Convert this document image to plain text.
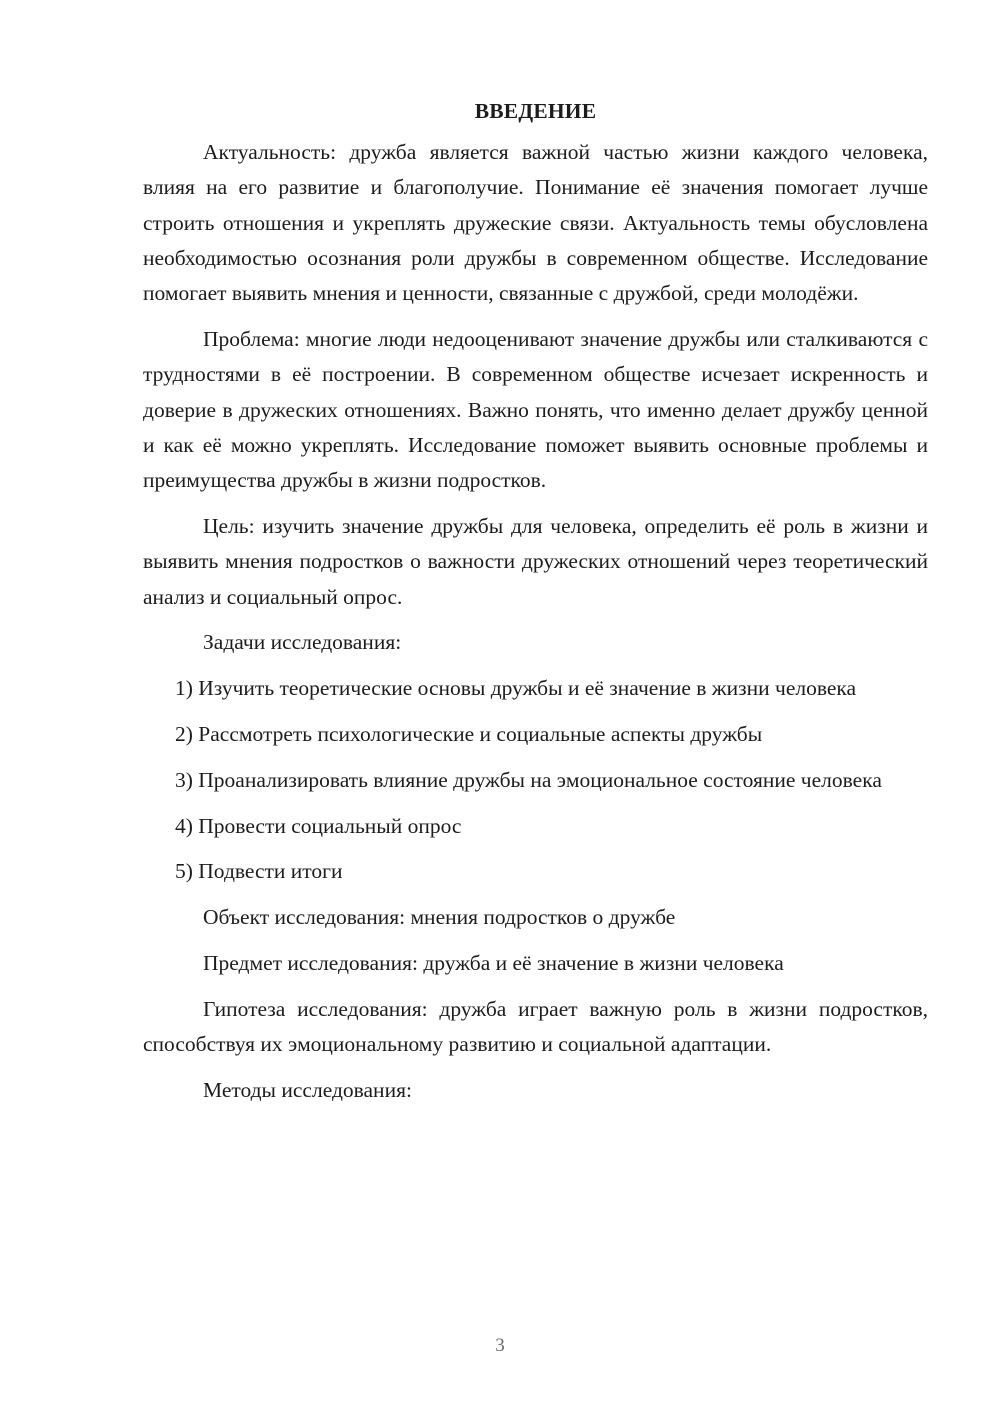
ВВЕДЕНИЕ

Актуальность: дружба является важной частью жизни каждого человека, влияя на его развитие и благополучие. Понимание её значения помогает лучше строить отношения и укреплять дружеские связи. Актуальность темы обусловлена необходимостью осознания роли дружбы в современном обществе. Исследование помогает выявить мнения и ценности, связанные с дружбой, среди молодёжи.

Проблема: многие люди недооценивают значение дружбы или сталкиваются с трудностями в её построении. В современном обществе исчезает искренность и доверие в дружеских отношениях. Важно понять, что именно делает дружбу ценной и как её можно укреплять. Исследование поможет выявить основные проблемы и преимущества дружбы в жизни подростков.

Цель: изучить значение дружбы для человека, определить её роль в жизни и выявить мнения подростков о важности дружеских отношений через теоретический анализ и социальный опрос.

Задачи исследования:

1) Изучить теоретические основы дружбы и её значение в жизни человека

2) Рассмотреть психологические и социальные аспекты дружбы

3) Проанализировать влияние дружбы на эмоциональное состояние человека

4) Провести социальный опрос

5) Подвести итоги

Объект исследования: мнения подростков о дружбе

Предмет исследования: дружба и её значение в жизни человека

Гипотеза исследования: дружба играет важную роль в жизни подростков, способствуя их эмоциональному развитию и социальной адаптации.

Методы исследования:

3
